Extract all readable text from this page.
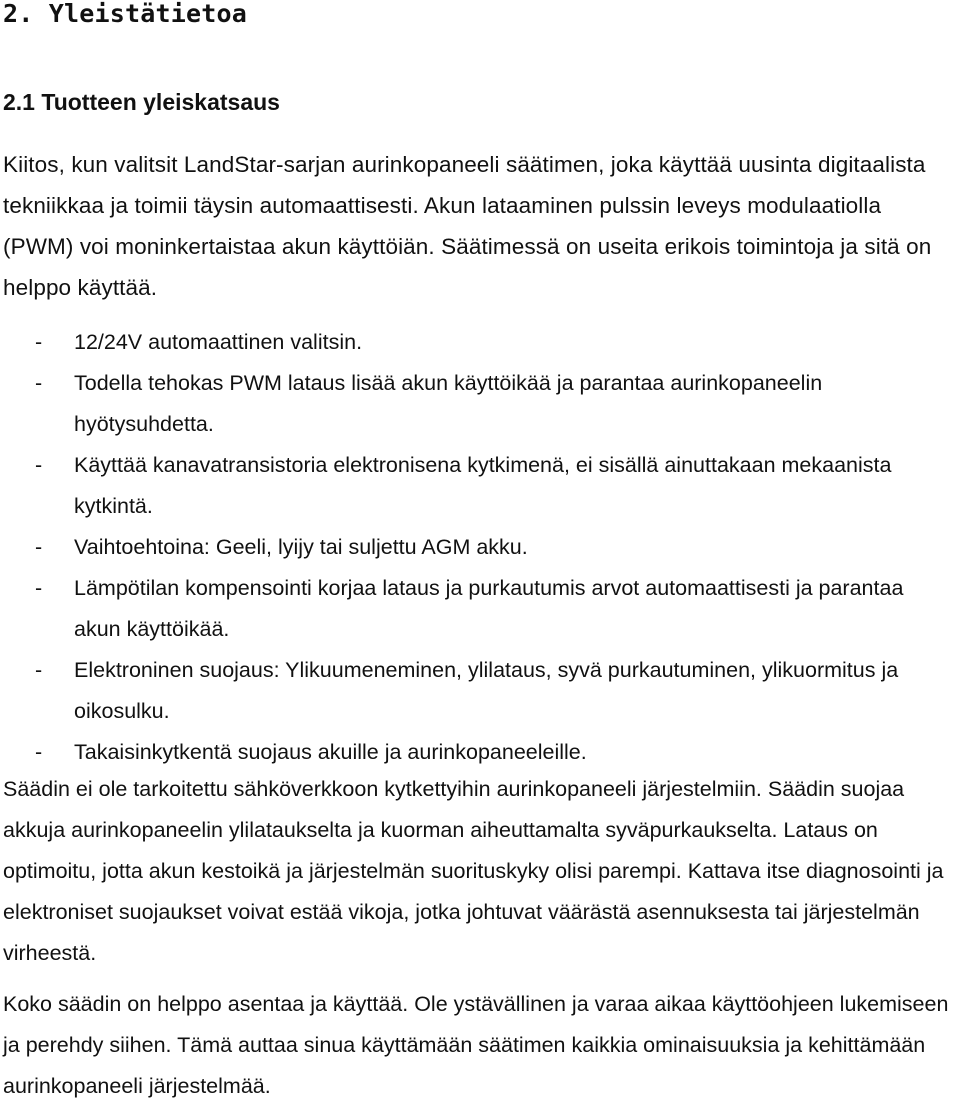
2. Yleistätietoa
2.1 Tuotteen yleiskatsaus

Kiitos, kun valitsit LandStar-sarjan aurinkopaneeli säätimen, joka käyttää uusinta digitaalista tekniikkaa ja toimii täysin automaattisesti. Akun lataaminen pulssin leveys modulaatiolla (PWM) voi moninkertaistaa akun käyttöiän. Säätimessä on useita erikois toimintoja ja sitä on helppo käyttää.

- 12/24V automaattinen valitsin.
- Todella tehokas PWM lataus lisää akun käyttöikää ja parantaa aurinkopaneelin hyötysuhdetta.
- Käyttää kanavatransistoria elektronisena kytkimenä, ei sisällä ainuttakaan mekaanista kytkintä.
- Vaihtoehtoina: Geeli, lyijy tai suljettu AGM akku.
- Lämpötilan kompensointi korjaa lataus ja purkautumis arvot automaattisesti ja parantaa akun käyttöikää.
- Elektroninen suojaus: Ylikuumeneminen, ylilataus, syvä purkautuminen, ylikuormitus ja oikosulku.
- Takaisinkytkentä suojaus akuille ja aurinkopaneeleille.

Säädin ei ole tarkoitettu sähköverkkoon kytkettyihin aurinkopaneeli järjestelmiin. Säädin suojaa akkuja aurinkopaneelin ylilataukselta ja kuorman aiheuttamalta syväpurkaukselta. Lataus on optimoitu, jotta akun kestoikä ja järjestelmän suorituskyky olisi parempi. Kattava itse diagnosointi ja elektroniset suojaukset voivat estää vikoja, jotka johtuvat väärästä asennuksesta tai järjestelmän virheestä.

Koko säädin on helppo asentaa ja käyttää. Ole ystävällinen ja varaa aikaa käyttöohjeen lukemiseen ja perehdy siihen. Tämä auttaa sinua käyttämään säätimen kaikkia ominaisuuksia ja kehittämään aurinkopaneeli järjestelmää.
